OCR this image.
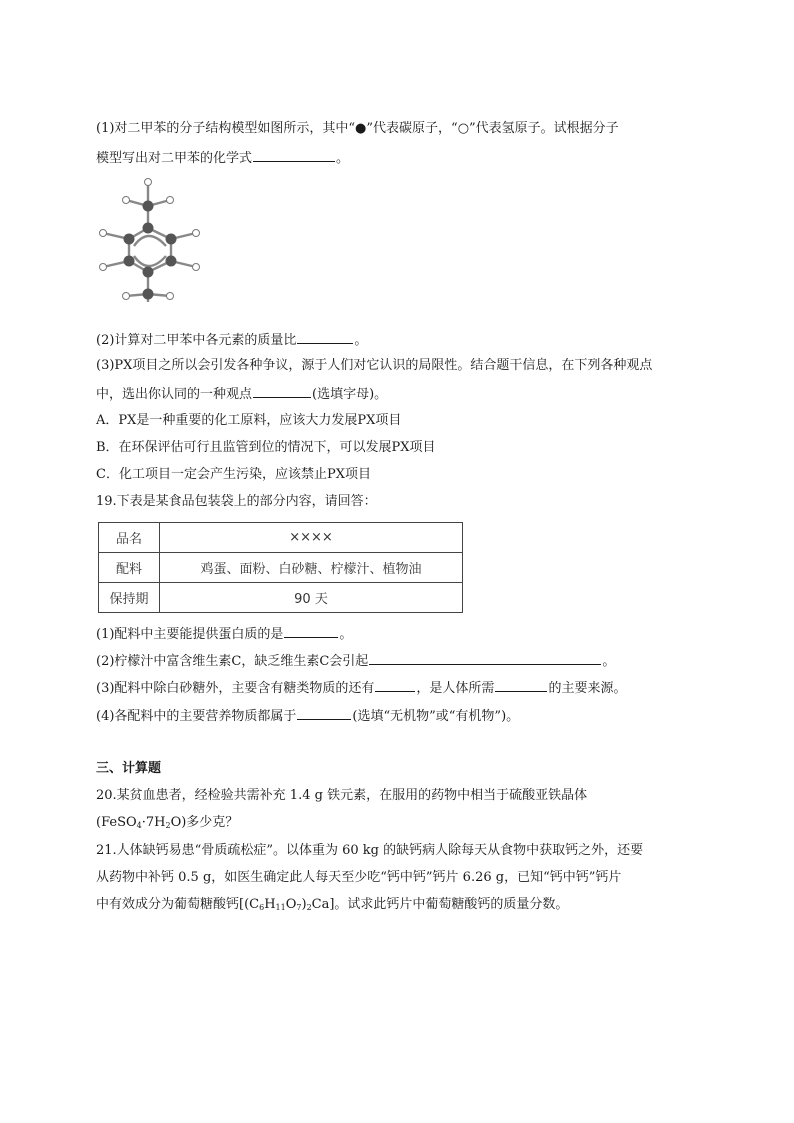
(1)对二甲苯的分子结构模型如图所示，其中“●”代表碳原子，“○”代表氢原子。试根据分子
模型写出对二甲苯的化学式	。
(2)计算对二甲苯中各元素的质量比	。
(3)PX项目之所以会引发各种争议，源于人们对它认识的局限性。结合题干信息，在下列各种观点
中，选出你认同的一种观点	(选填字母)。
A．PX是一种重要的化工原料，应该大力发展PX项目
B．在环保评估可行且监管到位的情况下，可以发展PX项目
C．化工项目一定会产生污染，应该禁止PX项目
19.下表是某食品包装袋上的部分内容，请回答：
品名	××××
配料	鸡蛋、面粉、白砂糖、柠檬汁、植物油
保持期	90 天
(1)配料中主要能提供蛋白质的是	。
(2)柠檬汁中富含维生素C，缺乏维生素C会引起	。
(3)配料中除白砂糖外，主要含有糖类物质的还有	，是人体所需	的主要来源。
(4)各配料中的主要营养物质都属于	(选填“无机物”或“有机物”)。
三、计算题
20.某贫血患者，经检验共需补充 1.4 g 铁元素，在服用的药物中相当于硫酸亚铁晶体
$(FeSO_4\cdot 7H_2O)$多少克？
21.人体缺钙易患“骨质疏松症”。以体重为 60 kg 的缺钙病人除每天从食物中获取钙之外，还要
从药物中补钙 0.5 g，如医生确定此人每天至少吃“钙中钙”钙片 6.26 g，已知“钙中钙”钙片
中有效成分为葡萄糖酸钙$[(C_6H_{11}O_7)_2Ca]$。试求此钙片中葡萄糖酸钙的质量分数。
